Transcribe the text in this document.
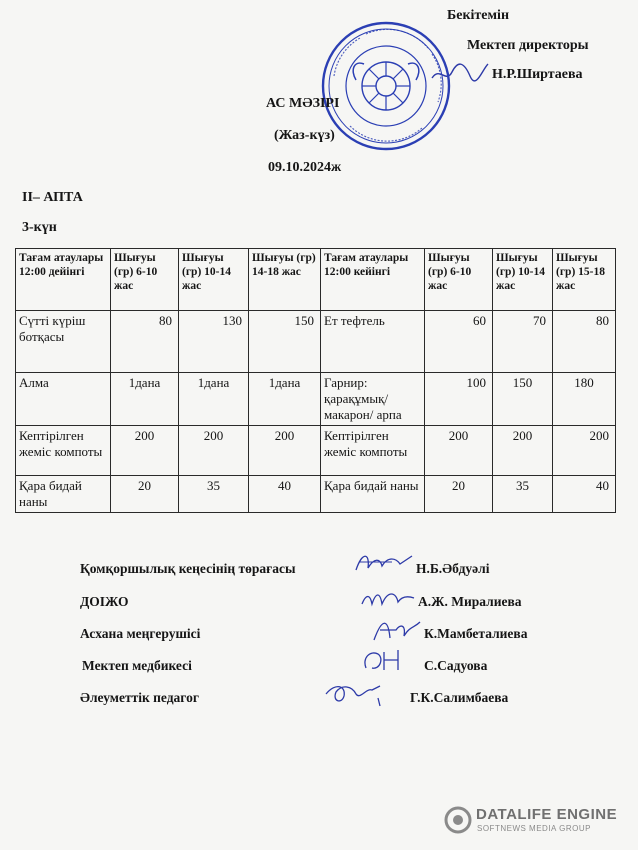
Бекітемін
Мектеп директоры
Н.Р.Ширтаева
АС МӘЗІРІ
(Жаз-күз)
09.10.2024ж
II– АПТА
3-күн
Тағам атаулары 12:00 дейінгі	Шығуы (гр) 6-10 жас	Шығуы (гр) 10-14 жас	Шығуы (гр) 14-18 жас	Тағам атаулары 12:00 кейінгі	Шығуы (гр) 6-10 жас	Шығуы (гр) 10-14 жас	Шығуы (гр) 15-18 жас
Сүтті күріш ботқасы	80	130	150	Ет тефтель	60	70	80
Алма	1дана	1дана	1дана	Гарнир: қарақұмық/макарон/ арпа	100	150	180
Кептірілген жеміс компоты	200	200	200	Кептірілген жеміс компоты	200	200	200
Қара бидай наны	20	35	40	Қара бидай наны	20	35	40
Қомқоршылық кеңесінің төрағасы	Н.Б.Әбдуәлі
ДОІЖО	А.Ж. Миралиева
Асхана меңгерушісі	К.Мамбеталиева
Мектеп медбикесі	С.Садуова
Әлеуметтік педагог	Г.К.Салимбаева
DATALIFE ENGINE
SOFTNEWS MEDIA GROUP
